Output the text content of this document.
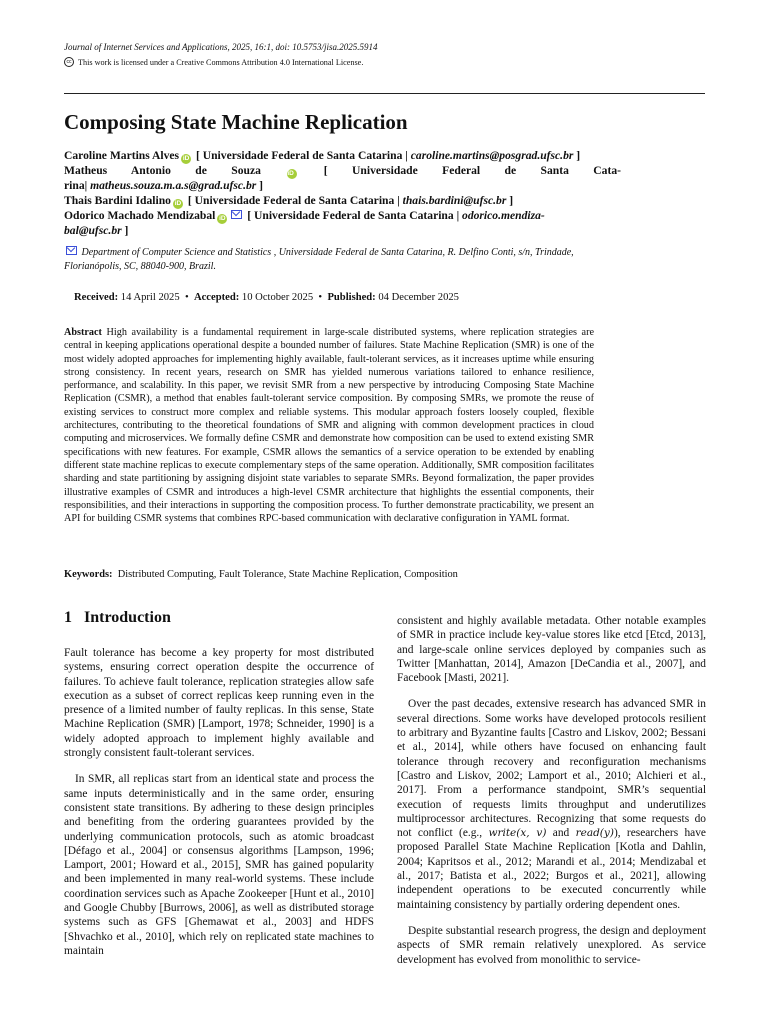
Journal of Internet Services and Applications, 2025, 16:1, doi: 10.5753/jisa.2025.5914
cc This work is licensed under a Creative Commons Attribution 4.0 International License.
Composing State Machine Replication

Caroline Martins Alves iD [ Universidade Federal de Santa Catarina | caroline.martins@posgrad.ufsc.br ]

Matheus Antonio de Souza	iD	[ Universidade Federal de Santa Cata-

rina| matheus.souza.m.a.s@grad.ufsc.br ]

Thais Bardini Idalino iD [ Universidade Federal de Santa Catarina | thais.bardini@ufsc.br ]

Odorico Machado Mendizabal iD [ Universidade Federal de Santa Catarina | odorico.mendiza-

bal@ufsc.br ]

Department of Computer Science and Statistics , Universidade Federal de Santa Catarina, R. Delfino Conti, s/n, Trindade, Florianópolis, SC, 88040-900, Brazil.
Received: 14 April 2025  •  Accepted: 10 October 2025  •  Published: 04 December 2025
Abstract High availability is a fundamental requirement in large-scale distributed systems, where replication strategies are central in keeping applications operational despite a bounded number of failures. State Machine Replication (SMR) is one of the most widely adopted approaches for implementing highly available, fault-tolerant services, as it increases uptime while ensuring strong consistency. In recent years, research on SMR has yielded numerous variations tailored to enhance resilience, performance, and scalability. In this paper, we revisit SMR from a new perspective by introducing Composing State Machine Replication (CSMR), a method that enables fault-tolerant service composition. By composing SMRs, we promote the reuse of existing services to construct more complex and reliable systems. This modular approach fosters loosely coupled, flexible architectures, contributing to the theoretical foundations of SMR and aligning with common development practices in cloud computing and microservices. We formally define CSMR and demonstrate how composition can be used to extend existing SMR specifications with new features. For example, CSMR allows the semantics of a service operation to be extended by enabling different state machine replicas to execute complementary steps of the same operation. Additionally, SMR composition facilitates sharding and state partitioning by assigning disjoint state variables to separate SMRs. Beyond formalization, the paper provides illustrative examples of CSMR and introduces a high-level CSMR architecture that highlights the essential components, their responsibilities, and their interactions in supporting the composition process. To further demonstrate practicability, we present an API for building CSMR systems that combines RPC-based communication with declarative configuration in YAML format.
Keywords: Distributed Computing, Fault Tolerance, State Machine Replication, Composition
1 Introduction

Fault tolerance has become a key property for most distributed systems, ensuring correct operation despite the occurrence of failures. To achieve fault tolerance, replication strategies allow safe execution as a subset of correct replicas keep running even in the presence of a limited number of faulty replicas. In this sense, State Machine Replication (SMR) [Lamport, 1978; Schneider, 1990] is a widely adopted approach to implement highly available and strongly consistent fault-tolerant services.

In SMR, all replicas start from an identical state and process the same inputs deterministically and in the same order, ensuring consistent state transitions. By adhering to these design principles and benefiting from the ordering guarantees provided by the underlying communication protocols, such as atomic broadcast [Défago et al., 2004] or consensus algorithms [Lampson, 1996; Lamport, 2001; Howard et al., 2015], SMR has gained popularity and been implemented in many real-world systems. These include coordination services such as Apache Zookeeper [Hunt et al., 2010] and Google Chubby [Burrows, 2006], as well as distributed storage systems such as GFS [Ghemawat et al., 2003] and HDFS [Shvachko et al., 2010], which rely on replicated state machines to maintain

consistent and highly available metadata. Other notable examples of SMR in practice include key-value stores like etcd [Etcd, 2013], and large-scale online services deployed by companies such as Twitter [Manhattan, 2014], Amazon [DeCandia et al., 2007], and Facebook [Masti, 2021].

Over the past decades, extensive research has advanced SMR in several directions. Some works have developed protocols resilient to arbitrary and Byzantine faults [Castro and Liskov, 2002; Bessani et al., 2014], while others have focused on enhancing fault tolerance through recovery and reconfiguration mechanisms [Castro and Liskov, 2002; Lamport et al., 2010; Alchieri et al., 2017]. From a performance standpoint, SMR’s sequential execution of requests limits throughput and underutilizes multiprocessor architectures. Recognizing that some requests do not conflict (e.g., write(x, v) and read(y)), researchers have proposed Parallel State Machine Replication [Kotla and Dahlin, 2004; Kapritsos et al., 2012; Marandi et al., 2014; Mendizabal et al., 2017; Batista et al., 2022; Burgos et al., 2021], allowing independent operations to be executed concurrently while maintaining consistency by partially ordering dependent ones.

Despite substantial research progress, the design and deployment aspects of SMR remain relatively unexplored. As service development has evolved from monolithic to service-
